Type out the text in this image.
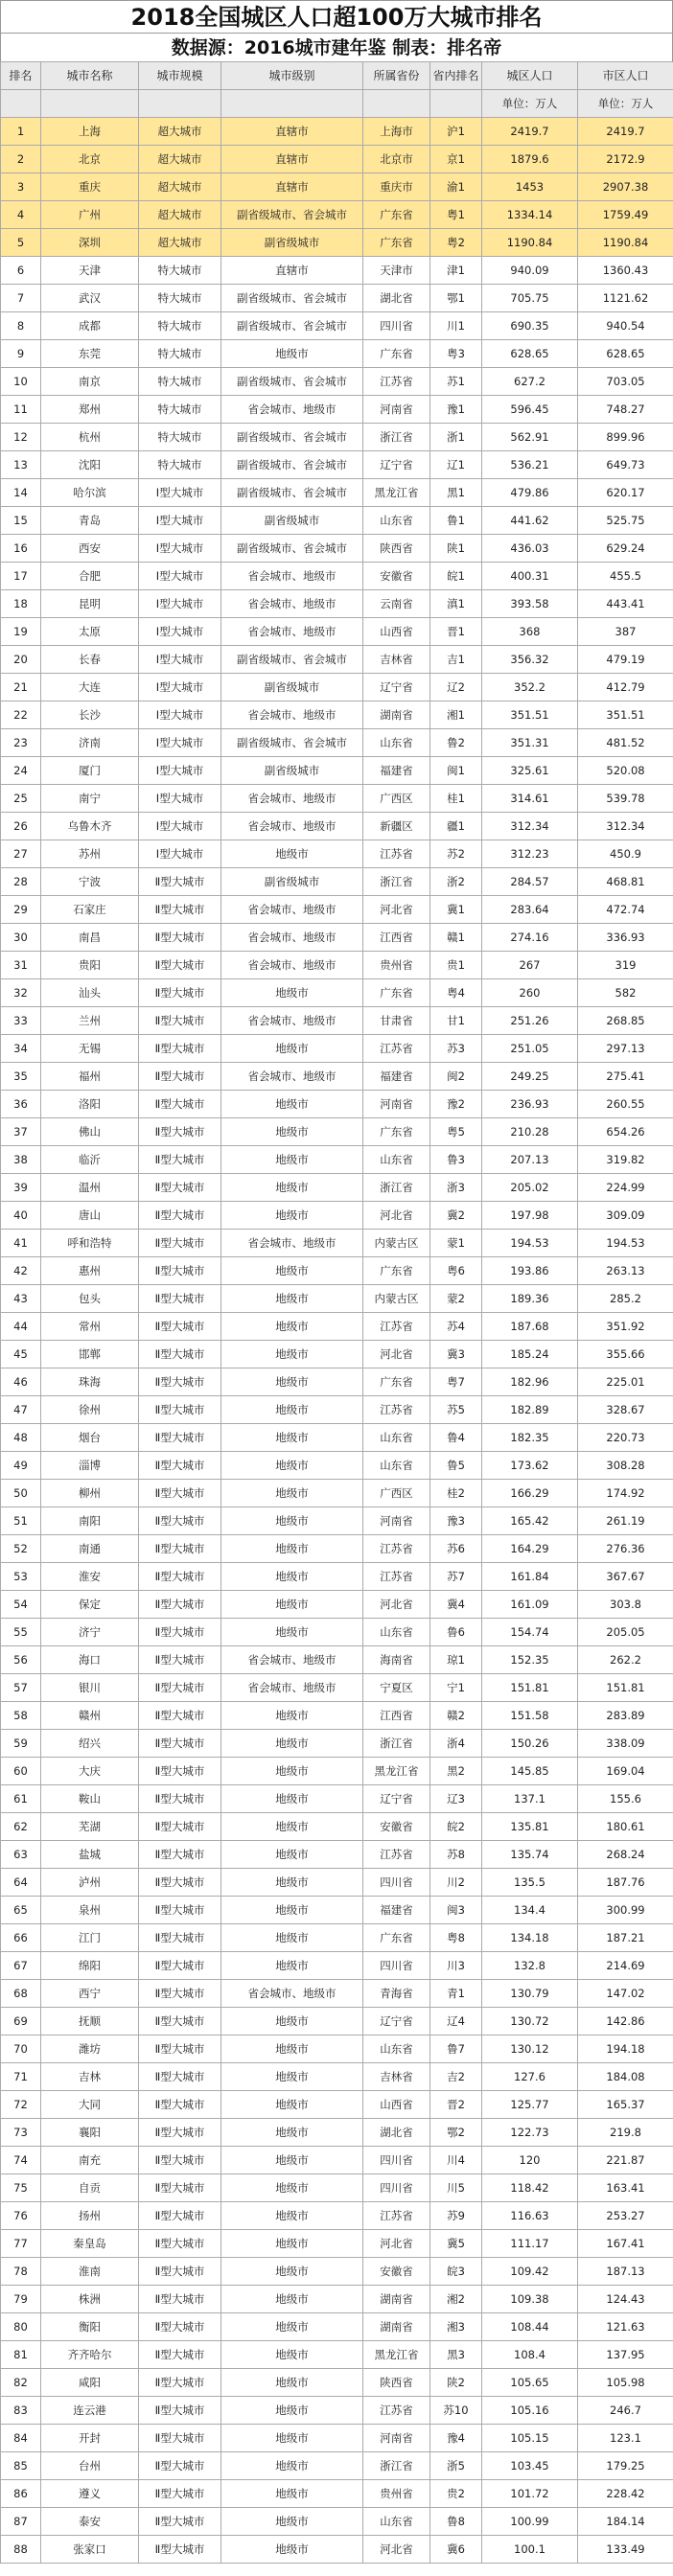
2018全国城区人口超100万大城市排名
数据源：2016城市建年鉴 制表：排名帝
排名	城市名称	城市规模	城市级别	所属省份	省内排名	城区人口	市区人口
						单位：万人	单位：万人
1	上海	超大城市	直辖市	上海市	沪1	2419.7	2419.7
2	北京	超大城市	直辖市	北京市	京1	1879.6	2172.9
3	重庆	超大城市	直辖市	重庆市	渝1	1453	2907.38
4	广州	超大城市	副省级城市、省会城市	广东省	粤1	1334.14	1759.49
5	深圳	超大城市	副省级城市	广东省	粤2	1190.84	1190.84
6	天津	特大城市	直辖市	天津市	津1	940.09	1360.43
7	武汉	特大城市	副省级城市、省会城市	湖北省	鄂1	705.75	1121.62
8	成都	特大城市	副省级城市、省会城市	四川省	川1	690.35	940.54
9	东莞	特大城市	地级市	广东省	粤3	628.65	628.65
10	南京	特大城市	副省级城市、省会城市	江苏省	苏1	627.2	703.05
11	郑州	特大城市	省会城市、地级市	河南省	豫1	596.45	748.27
12	杭州	特大城市	副省级城市、省会城市	浙江省	浙1	562.91	899.96
13	沈阳	特大城市	副省级城市、省会城市	辽宁省	辽1	536.21	649.73
14	哈尔滨	Ⅰ型大城市	副省级城市、省会城市	黑龙江省	黑1	479.86	620.17
15	青岛	Ⅰ型大城市	副省级城市	山东省	鲁1	441.62	525.75
16	西安	Ⅰ型大城市	副省级城市、省会城市	陕西省	陕1	436.03	629.24
17	合肥	Ⅰ型大城市	省会城市、地级市	安徽省	皖1	400.31	455.5
18	昆明	Ⅰ型大城市	省会城市、地级市	云南省	滇1	393.58	443.41
19	太原	Ⅰ型大城市	省会城市、地级市	山西省	晋1	368	387
20	长春	Ⅰ型大城市	副省级城市、省会城市	吉林省	吉1	356.32	479.19
21	大连	Ⅰ型大城市	副省级城市	辽宁省	辽2	352.2	412.79
22	长沙	Ⅰ型大城市	省会城市、地级市	湖南省	湘1	351.51	351.51
23	济南	Ⅰ型大城市	副省级城市、省会城市	山东省	鲁2	351.31	481.52
24	厦门	Ⅰ型大城市	副省级城市	福建省	闽1	325.61	520.08
25	南宁	Ⅰ型大城市	省会城市、地级市	广西区	桂1	314.61	539.78
26	乌鲁木齐	Ⅰ型大城市	省会城市、地级市	新疆区	疆1	312.34	312.34
27	苏州	Ⅰ型大城市	地级市	江苏省	苏2	312.23	450.9
28	宁波	Ⅱ型大城市	副省级城市	浙江省	浙2	284.57	468.81
29	石家庄	Ⅱ型大城市	省会城市、地级市	河北省	冀1	283.64	472.74
30	南昌	Ⅱ型大城市	省会城市、地级市	江西省	赣1	274.16	336.93
31	贵阳	Ⅱ型大城市	省会城市、地级市	贵州省	贵1	267	319
32	汕头	Ⅱ型大城市	地级市	广东省	粤4	260	582
33	兰州	Ⅱ型大城市	省会城市、地级市	甘肃省	甘1	251.26	268.85
34	无锡	Ⅱ型大城市	地级市	江苏省	苏3	251.05	297.13
35	福州	Ⅱ型大城市	省会城市、地级市	福建省	闽2	249.25	275.41
36	洛阳	Ⅱ型大城市	地级市	河南省	豫2	236.93	260.55
37	佛山	Ⅱ型大城市	地级市	广东省	粤5	210.28	654.26
38	临沂	Ⅱ型大城市	地级市	山东省	鲁3	207.13	319.82
39	温州	Ⅱ型大城市	地级市	浙江省	浙3	205.02	224.99
40	唐山	Ⅱ型大城市	地级市	河北省	冀2	197.98	309.09
41	呼和浩特	Ⅱ型大城市	省会城市、地级市	内蒙古区	蒙1	194.53	194.53
42	惠州	Ⅱ型大城市	地级市	广东省	粤6	193.86	263.13
43	包头	Ⅱ型大城市	地级市	内蒙古区	蒙2	189.36	285.2
44	常州	Ⅱ型大城市	地级市	江苏省	苏4	187.68	351.92
45	邯郸	Ⅱ型大城市	地级市	河北省	冀3	185.24	355.66
46	珠海	Ⅱ型大城市	地级市	广东省	粤7	182.96	225.01
47	徐州	Ⅱ型大城市	地级市	江苏省	苏5	182.89	328.67
48	烟台	Ⅱ型大城市	地级市	山东省	鲁4	182.35	220.73
49	淄博	Ⅱ型大城市	地级市	山东省	鲁5	173.62	308.28
50	柳州	Ⅱ型大城市	地级市	广西区	桂2	166.29	174.92
51	南阳	Ⅱ型大城市	地级市	河南省	豫3	165.42	261.19
52	南通	Ⅱ型大城市	地级市	江苏省	苏6	164.29	276.36
53	淮安	Ⅱ型大城市	地级市	江苏省	苏7	161.84	367.67
54	保定	Ⅱ型大城市	地级市	河北省	冀4	161.09	303.8
55	济宁	Ⅱ型大城市	地级市	山东省	鲁6	154.74	205.05
56	海口	Ⅱ型大城市	省会城市、地级市	海南省	琼1	152.35	262.2
57	银川	Ⅱ型大城市	省会城市、地级市	宁夏区	宁1	151.81	151.81
58	赣州	Ⅱ型大城市	地级市	江西省	赣2	151.58	283.89
59	绍兴	Ⅱ型大城市	地级市	浙江省	浙4	150.26	338.09
60	大庆	Ⅱ型大城市	地级市	黑龙江省	黑2	145.85	169.04
61	鞍山	Ⅱ型大城市	地级市	辽宁省	辽3	137.1	155.6
62	芜湖	Ⅱ型大城市	地级市	安徽省	皖2	135.81	180.61
63	盐城	Ⅱ型大城市	地级市	江苏省	苏8	135.74	268.24
64	泸州	Ⅱ型大城市	地级市	四川省	川2	135.5	187.76
65	泉州	Ⅱ型大城市	地级市	福建省	闽3	134.4	300.99
66	江门	Ⅱ型大城市	地级市	广东省	粤8	134.18	187.21
67	绵阳	Ⅱ型大城市	地级市	四川省	川3	132.8	214.69
68	西宁	Ⅱ型大城市	省会城市、地级市	青海省	青1	130.79	147.02
69	抚顺	Ⅱ型大城市	地级市	辽宁省	辽4	130.72	142.86
70	潍坊	Ⅱ型大城市	地级市	山东省	鲁7	130.12	194.18
71	吉林	Ⅱ型大城市	地级市	吉林省	吉2	127.6	184.08
72	大同	Ⅱ型大城市	地级市	山西省	晋2	125.77	165.37
73	襄阳	Ⅱ型大城市	地级市	湖北省	鄂2	122.73	219.8
74	南充	Ⅱ型大城市	地级市	四川省	川4	120	221.87
75	自贡	Ⅱ型大城市	地级市	四川省	川5	118.42	163.41
76	扬州	Ⅱ型大城市	地级市	江苏省	苏9	116.63	253.27
77	秦皇岛	Ⅱ型大城市	地级市	河北省	冀5	111.17	167.41
78	淮南	Ⅱ型大城市	地级市	安徽省	皖3	109.42	187.13
79	株洲	Ⅱ型大城市	地级市	湖南省	湘2	109.38	124.43
80	衡阳	Ⅱ型大城市	地级市	湖南省	湘3	108.44	121.63
81	齐齐哈尔	Ⅱ型大城市	地级市	黑龙江省	黑3	108.4	137.95
82	咸阳	Ⅱ型大城市	地级市	陕西省	陕2	105.65	105.98
83	连云港	Ⅱ型大城市	地级市	江苏省	苏10	105.16	246.7
84	开封	Ⅱ型大城市	地级市	河南省	豫4	105.15	123.1
85	台州	Ⅱ型大城市	地级市	浙江省	浙5	103.45	179.25
86	遵义	Ⅱ型大城市	地级市	贵州省	贵2	101.72	228.42
87	泰安	Ⅱ型大城市	地级市	山东省	鲁8	100.99	184.14
88	张家口	Ⅱ型大城市	地级市	河北省	冀6	100.1	133.49
